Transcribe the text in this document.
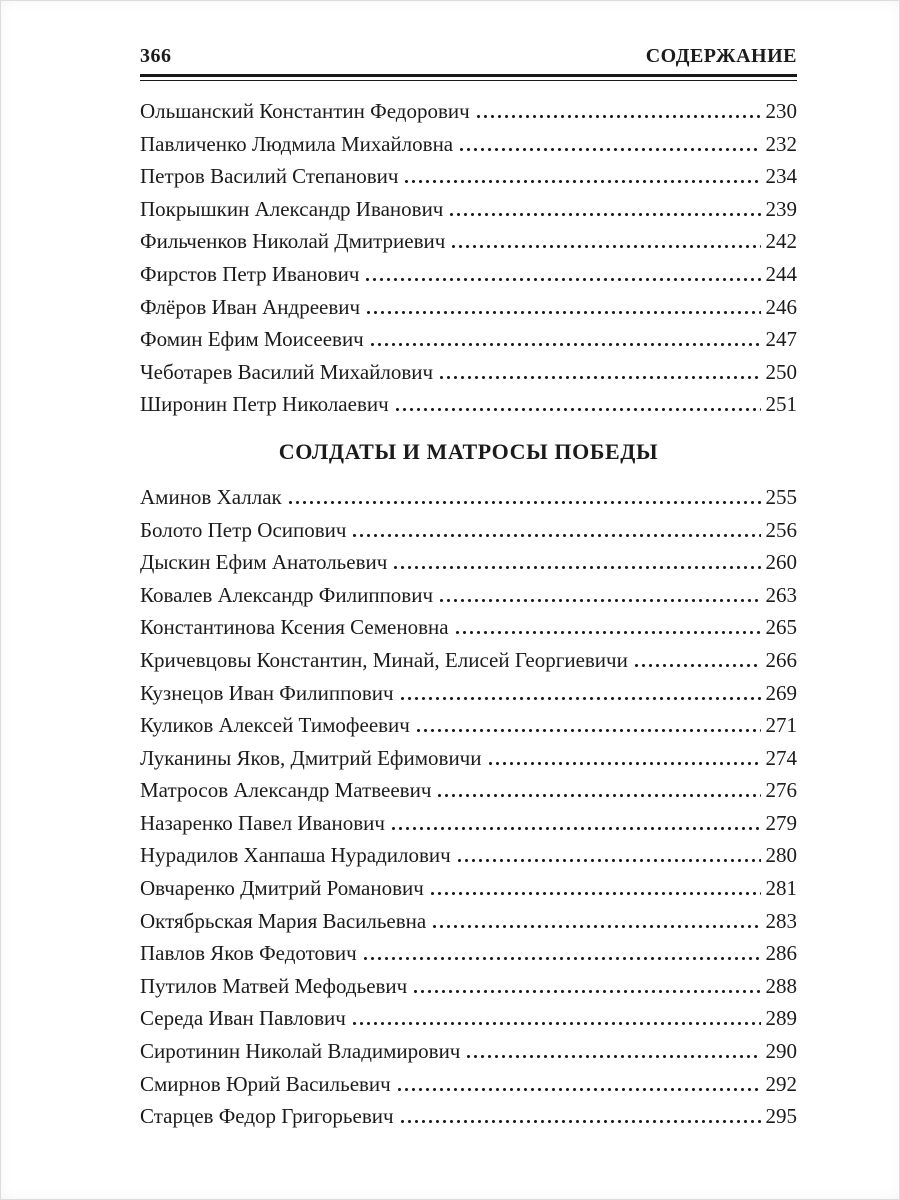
366	СОДЕРЖАНИЕ
Ольшанский Константин Федорович	230
Павличенко Людмила Михайловна	232
Петров Василий Степанович	234
Покрышкин Александр Иванович	239
Фильченков Николай Дмитриевич	242
Фирстов Петр Иванович	244
Флёров Иван Андреевич	246
Фомин Ефим Моисеевич	247
Чеботарев Василий Михайлович	250
Широнин Петр Николаевич	251
СОЛДАТЫ И МАТРОСЫ ПОБЕДЫ
Аминов Халлак	255
Болото Петр Осипович	256
Дыскин Ефим Анатольевич	260
Ковалев Александр Филиппович	263
Константинова Ксения Семеновна	265
Кричевцовы Константин, Минай, Елисей Георгиевичи	266
Кузнецов Иван Филиппович	269
Куликов Алексей Тимофеевич	271
Луканины Яков, Дмитрий Ефимовичи	274
Матросов Александр Матвеевич	276
Назаренко Павел Иванович	279
Нурадилов Ханпаша Нурадилович	280
Овчаренко Дмитрий Романович	281
Октябрьская Мария Васильевна	283
Павлов Яков Федотович	286
Путилов Матвей Мефодьевич	288
Середа Иван Павлович	289
Сиротинин Николай Владимирович	290
Смирнов Юрий Васильевич	292
Старцев Федор Григорьевич	295
